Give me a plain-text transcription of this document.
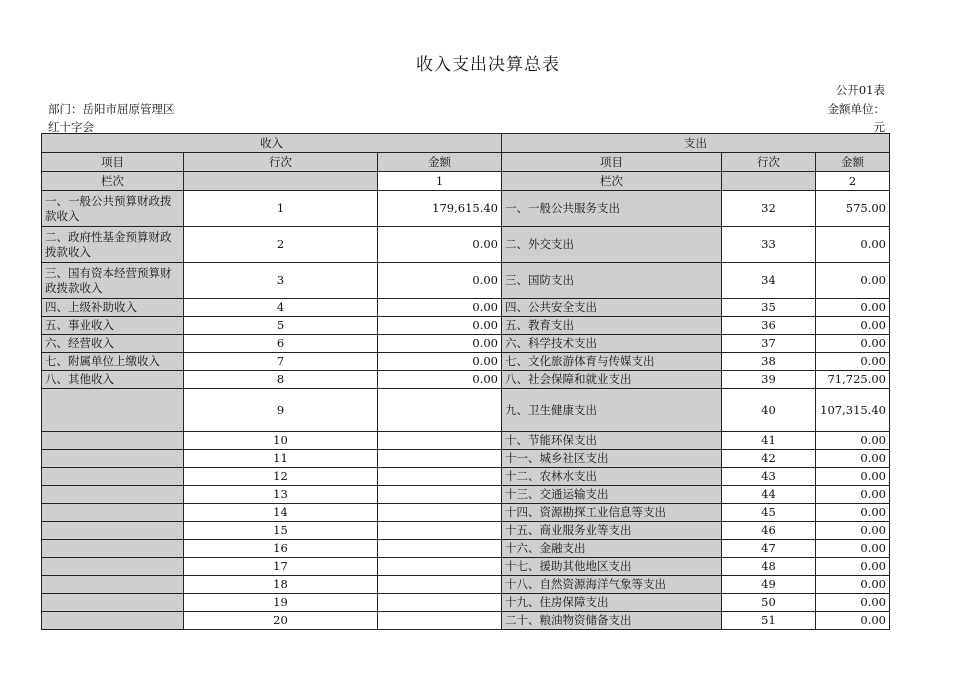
收入支出决算总表
公开01表
部门：岳阳市屈原管理区	金额单位：
红十字会	元
收入			支出		
项目	行次	金额	项目	行次	金额
栏次		1	栏次		2
一、一般公共预算财政拨款收入	1	179,615.40	一、一般公共服务支出	32	575.00
二、政府性基金预算财政拨款收入	2	0.00	二、外交支出	33	0.00
三、国有资本经营预算财政拨款收入	3	0.00	三、国防支出	34	0.00
四、上级补助收入	4	0.00	四、公共安全支出	35	0.00
五、事业收入	5	0.00	五、教育支出	36	0.00
六、经营收入	6	0.00	六、科学技术支出	37	0.00
七、附属单位上缴收入	7	0.00	七、文化旅游体育与传媒支出	38	0.00
八、其他收入	8	0.00	八、社会保障和就业支出	39	71,725.00
	9		九、卫生健康支出	40	107,315.40
	10		十、节能环保支出	41	0.00
	11		十一、城乡社区支出	42	0.00
	12		十二、农林水支出	43	0.00
	13		十三、交通运输支出	44	0.00
	14		十四、资源勘探工业信息等支出	45	0.00
	15		十五、商业服务业等支出	46	0.00
	16		十六、金融支出	47	0.00
	17		十七、援助其他地区支出	48	0.00
	18		十八、自然资源海洋气象等支出	49	0.00
	19		十九、住房保障支出	50	0.00
	20		二十、粮油物资储备支出	51	0.00
